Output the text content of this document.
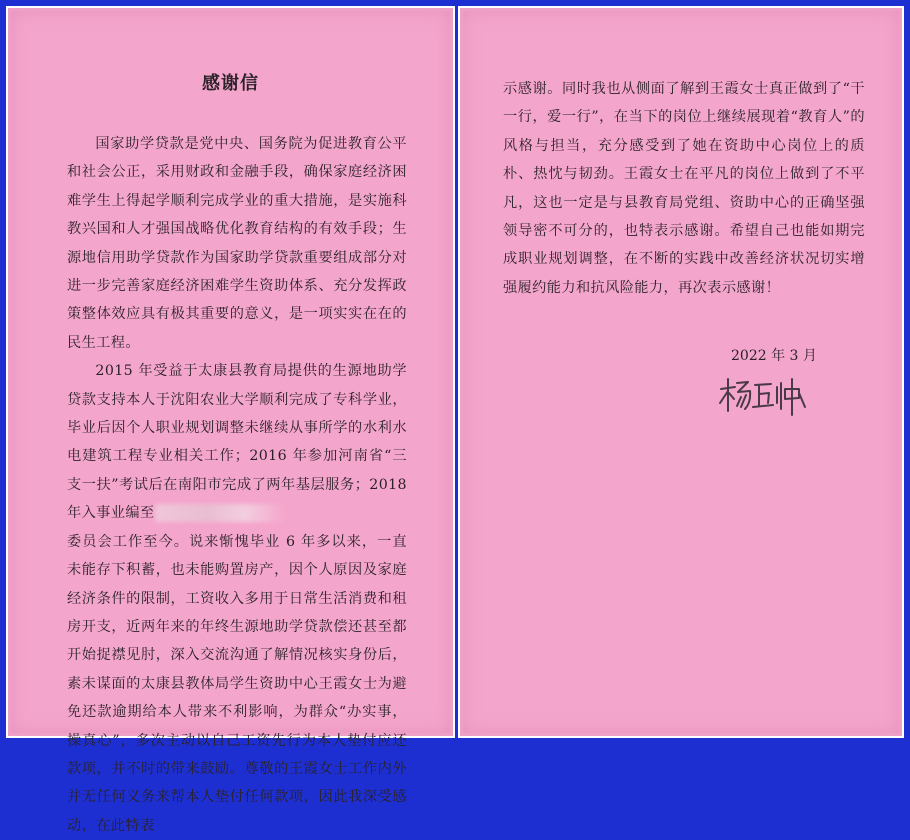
感谢信

国家助学贷款是党中央、国务院为促进教育公平和社会公正，采用财政和金融手段，确保家庭经济困难学生上得起学顺利完成学业的重大措施，是实施科教兴国和人才强国战略优化教育结构的有效手段；生源地信用助学贷款作为国家助学贷款重要组成部分对进一步完善家庭经济困难学生资助体系、充分发挥政策整体效应具有极其重要的意义，是一项实实在在的民生工程。

2015 年受益于太康县教育局提供的生源地助学贷款支持本人于沈阳农业大学顺利完成了专科学业，毕业后因个人职业规划调整未继续从事所学的水利水电建筑工程专业相关工作；2016 年参加河南省“三支一扶”考试后在南阳市完成了两年基层服务；2018 年入事业编至

委员会工作至今。说来惭愧毕业 6 年多以来，一直未能存下积蓄，也未能购置房产，因个人原因及家庭经济条件的限制，工资收入多用于日常生活消费和租房开支，近两年来的年终生源地助学贷款偿还甚至都开始捉襟见肘，深入交流沟通了解情况核实身份后，素未谋面的太康县教体局学生资助中心王霞女士为避免还款逾期给本人带来不利影响，为群众“办实事，操真心”，多次主动以自己工资先行为本人垫付应还款项，并不时的带来鼓励。尊敬的王霞女士工作内外并无任何义务来帮本人垫付任何款项，因此我深受感动，在此特表

示感谢。同时我也从侧面了解到王霞女士真正做到了“干一行，爱一行”，在当下的岗位上继续展现着“教育人”的风格与担当，充分感受到了她在资助中心岗位上的质朴、热忱与韧劲。王霞女士在平凡的岗位上做到了不平凡，这也一定是与县教育局党组、资助中心的正确坚强领导密不可分的，也特表示感谢。希望自己也能如期完成职业规划调整，在不断的实践中改善经济状况切实增强履约能力和抗风险能力，再次表示感谢！

2022 年 3 月
